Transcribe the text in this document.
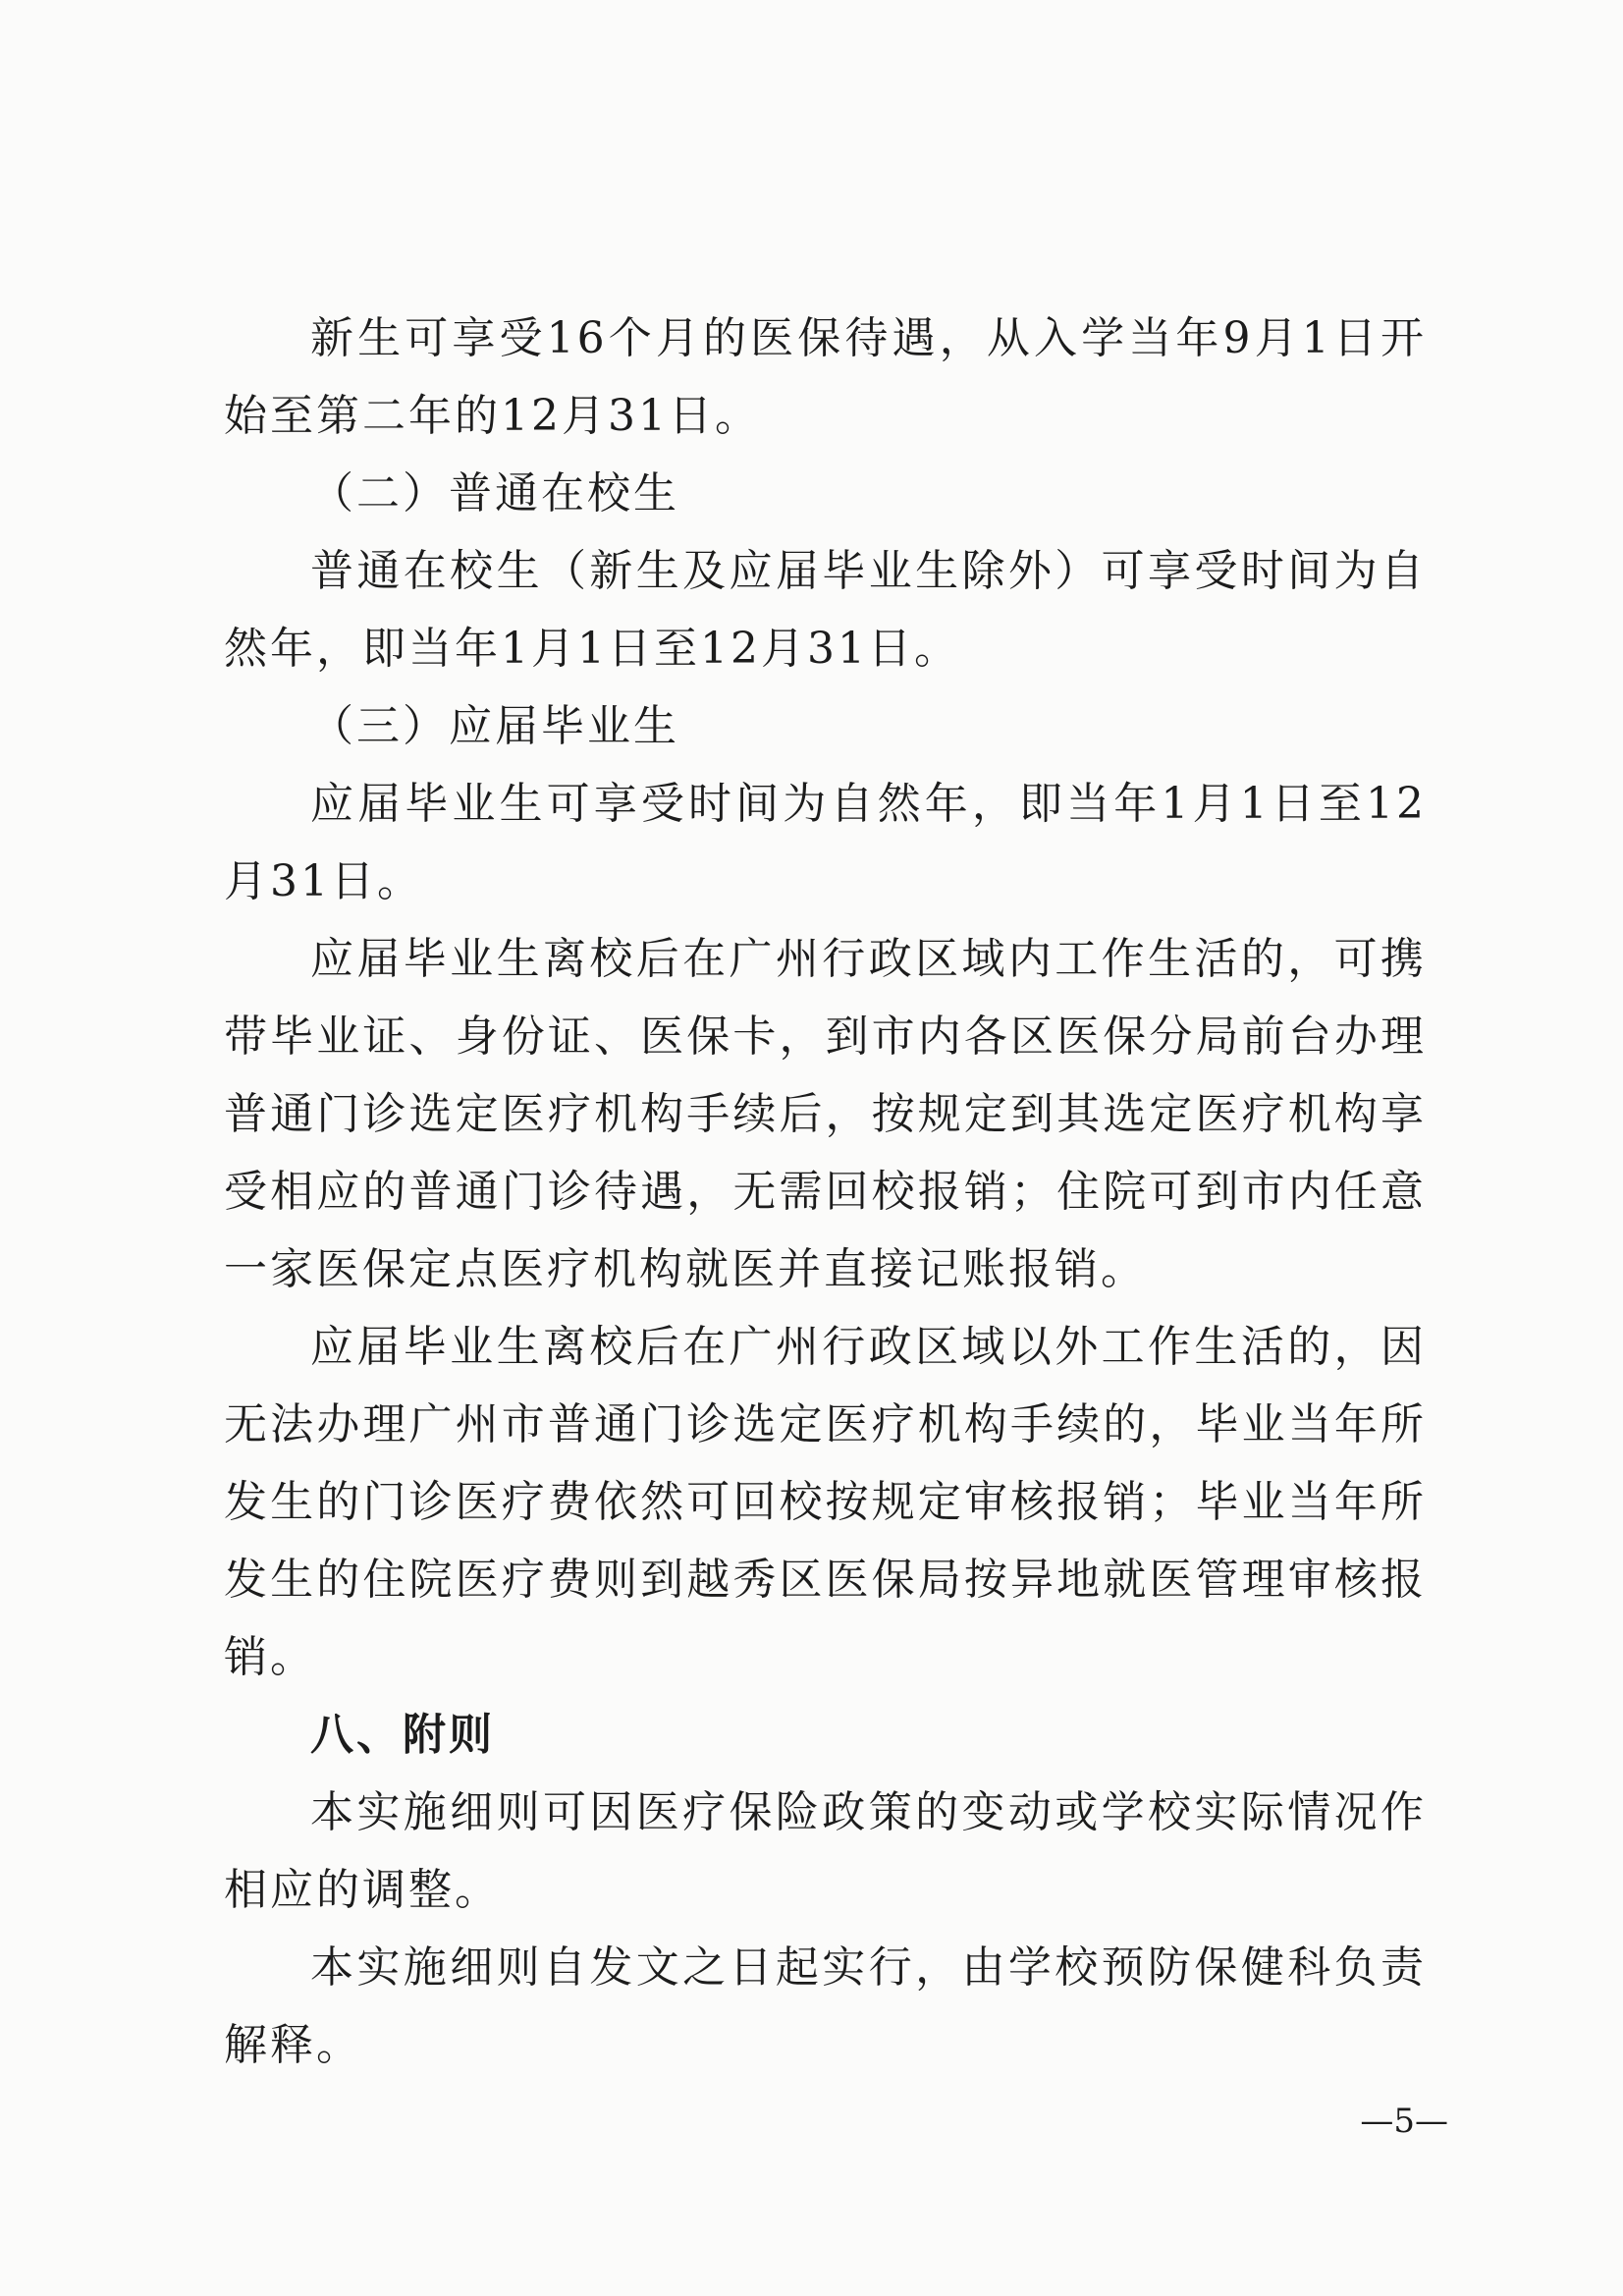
新生可享受16个月的医保待遇，从入学当年9月1日开始至第二年的12月31日。

（二）普通在校生

普通在校生（新生及应届毕业生除外）可享受时间为自然年，即当年1月1日至12月31日。

（三）应届毕业生

应届毕业生可享受时间为自然年，即当年1月1日至12月31日。

应届毕业生离校后在广州行政区域内工作生活的，可携带毕业证、身份证、医保卡，到市内各区医保分局前台办理普通门诊选定医疗机构手续后，按规定到其选定医疗机构享受相应的普通门诊待遇，无需回校报销；住院可到市内任意一家医保定点医疗机构就医并直接记账报销。

应届毕业生离校后在广州行政区域以外工作生活的，因无法办理广州市普通门诊选定医疗机构手续的，毕业当年所发生的门诊医疗费依然可回校按规定审核报销；毕业当年所发生的住院医疗费则到越秀区医保局按异地就医管理审核报销。

八、附则

本实施细则可因医疗保险政策的变动或学校实际情况作相应的调整。

本实施细则自发文之日起实行，由学校预防保健科负责解释。

—5—
